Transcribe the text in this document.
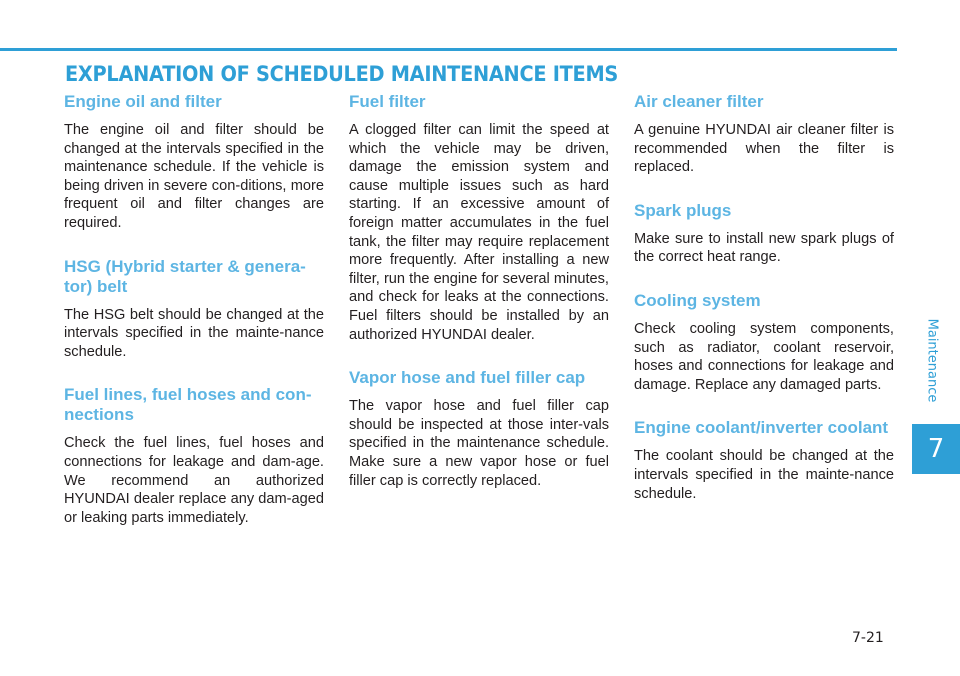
EXPLANATION OF SCHEDULED MAINTENANCE ITEMS
Engine oil and filter

The engine oil and filter should be changed at the intervals specified in the maintenance schedule. If the vehicle is being driven in severe con-ditions, more frequent oil and filter changes are required.

HSG (Hybrid starter & genera-tor) belt

The HSG belt should be changed at the intervals specified in the mainte-nance schedule.

Fuel lines, fuel hoses and con-nections

Check the fuel lines, fuel hoses and connections for leakage and dam-age. We recommend an authorized HYUNDAI dealer replace any dam-aged or leaking parts immediately.

Fuel filter

A clogged filter can limit the speed at which the vehicle may be driven, damage the emission system and cause multiple issues such as hard starting. If an excessive amount of foreign matter accumulates in the fuel tank, the filter may require replacement more frequently. After installing a new filter, run the engine for several minutes, and check for leaks at the connections. Fuel filters should be installed by an authorized HYUNDAI dealer.

Vapor hose and fuel filler cap

The vapor hose and fuel filler cap should be inspected at those inter-vals specified in the maintenance schedule. Make sure a new vapor hose or fuel filler cap is correctly replaced.

Air cleaner filter

A genuine HYUNDAI air cleaner filter is recommended when the filter is replaced.

Spark plugs

Make sure to install new spark plugs of the correct heat range.

Cooling system

Check cooling system components, such as radiator, coolant reservoir, hoses and connections for leakage and damage. Replace any damaged parts.

Engine coolant/inverter coolant

The coolant should be changed at the intervals specified in the mainte-nance schedule.

Maintenance
7
7-21
